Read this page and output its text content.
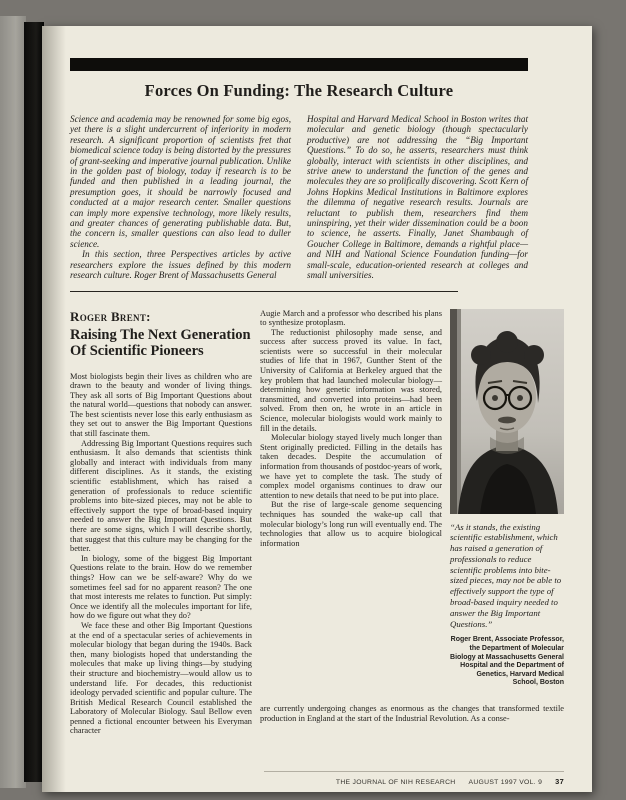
Forces On Funding: The Research Culture

Science and academia may be renowned for some big egos, yet there is a slight undercurrent of inferiority in modern research. A significant proportion of scientists fret that biomedical science today is being distorted by the pressures of grant-seeking and imperative journal publication. Unlike in the golden past of biology, today if research is to be funded and then published in a leading journal, the presumption goes, it should be narrowly focused and conducted at a major research center. Smaller questions can imply more expensive technology, more likely results, and greater chances of generating publishable data. But, the concern is, smaller questions can also lead to duller science.

In this section, three Perspectives articles by active researchers explore the issues defined by this modern research culture. Roger Brent of Massachusetts General

Hospital and Harvard Medical School in Boston writes that molecular and genetic biology (though spectacularly productive) are not addressing the “Big Important Questions.” To do so, he asserts, researchers must think globally, interact with scientists in other disciplines, and strive anew to understand the function of the genes and molecules they are so prolifically discovering. Scott Kern of Johns Hopkins Medical Institutions in Baltimore explores the dilemma of negative research results. Journals are reluctant to publish them, researchers find them uninspiring, yet their wider dissemination could be a boon to science, he asserts. Finally, Janet Shambaugh of Goucher College in Baltimore, demands a rightful place—and NIH and National Science Foundation funding—for small-scale, education-oriented research at colleges and small universities.

Roger Brent:
Raising The Next Generation
Of Scientific Pioneers

Most biologists begin their lives as children who are drawn to the beauty and wonder of living things. They ask all sorts of Big Important Questions about the natural world—questions that nobody can answer. The best scientists never lose this early enthusiasm as they set out to answer the Big Important Questions that still fascinate them.

Addressing Big Important Questions requires such enthusiasm. It also demands that scientists think globally and interact with individuals from many different disciplines. As it stands, the existing scientific establishment, which has raised a generation of professionals to reduce scientific problems into bite-sized pieces, may not be able to effectively support the type of broad-based inquiry needed to answer the Big Important Questions. But there are some signs, which I will describe shortly, that suggest that this culture may be changing for the better.

In biology, some of the biggest Big Important Questions relate to the brain. How do we remember things? How can we be self-aware? Why do we sometimes feel sad for no apparent reason? The one that most interests me relates to function. Put simply: Once we identify all the molecules important for life, how do we figure out what they do?

We face these and other Big Important Questions at the end of a spectacular series of achievements in molecular biology that began during the 1940s. Back then, many biologists hoped that understanding the molecules that make up living things—by studying their structure and biochemistry—would allow us to understand life. For decades, this reductionist ideology pervaded scientific and popular culture. The British Medical Research Council established the Laboratory of Molecular Biology. Saul Bellow even penned a fictional encounter between his Everyman character

Augie March and a professor who described his plans to synthesize protoplasm.

The reductionist philosophy made sense, and success after success proved its value. In fact, scientists were so successful in their molecular studies of life that in 1967, Gunther Stent of the University of California at Berkeley argued that the key problem that had launched molecular biology—determining how genetic information was stored, transmitted, and converted into proteins—had been solved. From then on, he wrote in an article in Science, molecular biologists would work mainly to fill in the details.

Molecular biology stayed lively much longer than Stent originally predicted. Filling in the details has taken decades. Despite the accumulation of information from thousands of postdoc-years of work, we have yet to complete the task. The study of complex model organisms continues to draw our attention to new details that need to be put into place.

But the rise of large-scale genome sequencing techniques has sounded the wake-up call that molecular biology’s long run will eventually end. The technologies that allow us to acquire biological information

“As it stands, the existing scientific establishment, which has raised a generation of professionals to reduce scientific problems into bite-sized pieces, may not be able to effectively support the type of broad-based inquiry needed to answer the Big Important Questions.”

Roger Brent, Associate Professor, the Department of Molecular Biology at Massachusetts General Hospital and the Department of Genetics, Harvard Medical School, Boston

are currently undergoing changes as enormous as the changes that transformed textile production in England at the start of the Industrial Revolution. As a conse-

THE JOURNAL OF NIH RESEARCH AUGUST 1997 VOL. 9 37
